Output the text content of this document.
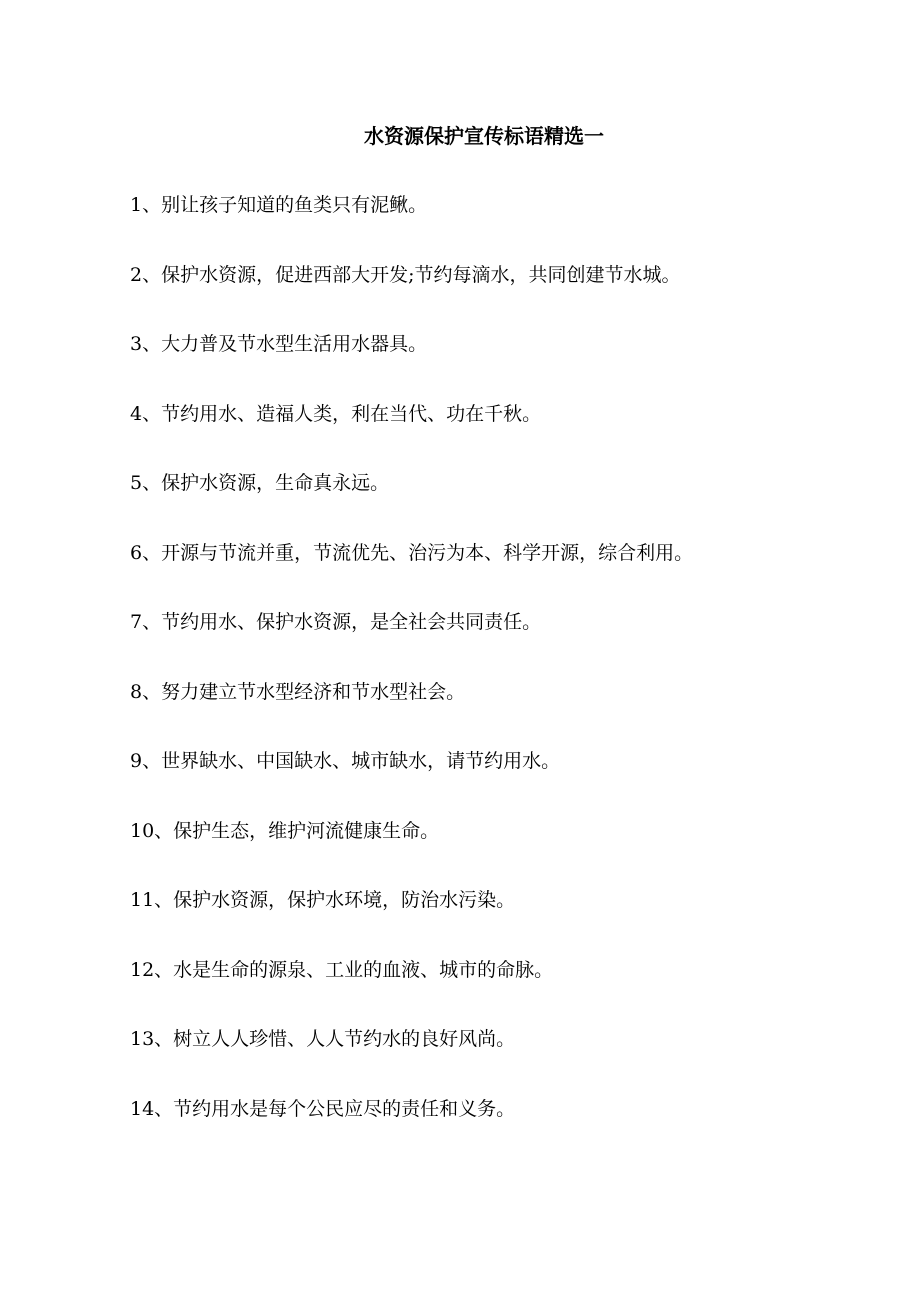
水资源保护宣传标语精选一
1、别让孩子知道的鱼类只有泥鳅。
2、保护水资源，促进西部大开发;节约每滴水，共同创建节水城。
3、大力普及节水型生活用水器具。
4、节约用水、造福人类，利在当代、功在千秋。
5、保护水资源，生命真永远。
6、开源与节流并重，节流优先、治污为本、科学开源，综合利用。
7、节约用水、保护水资源，是全社会共同责任。
8、努力建立节水型经济和节水型社会。
9、世界缺水、中国缺水、城市缺水，请节约用水。
10、保护生态，维护河流健康生命。
11、保护水资源，保护水环境，防治水污染。
12、水是生命的源泉、工业的血液、城市的命脉。
13、树立人人珍惜、人人节约水的良好风尚。
14、节约用水是每个公民应尽的责任和义务。
